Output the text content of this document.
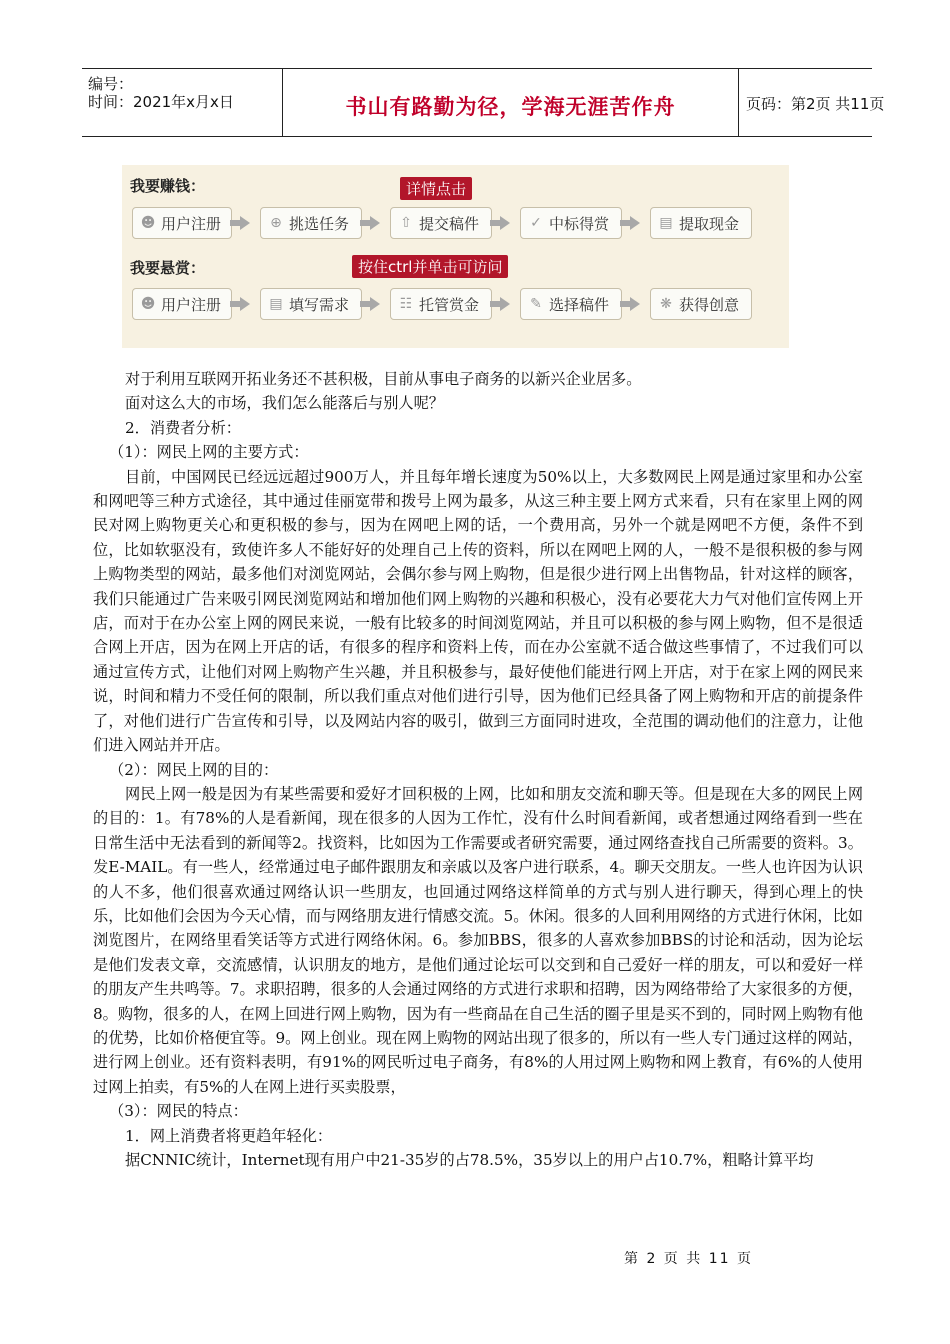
编号：
时间：2021年x月x日	书山有路勤为径，学海无涯苦作舟	页码：第2页 共11页
我要赚钱：	详情点击
☻ 用户注册	⊕ 挑选任务	⇧ 提交稿件	✓ 中标得赏	▤ 提取现金
我要悬赏：	按住ctrl并单击可访问
☻ 用户注册	▤ 填写需求	☷ 托管赏金	✎ 选择稿件	❋ 获得创意

对于利用互联网开拓业务还不甚积极，目前从事电子商务的以新兴企业居多。

面对这么大的市场，我们怎么能落后与别人呢？

2．消费者分析：

（1）：网民上网的主要方式：

目前，中国网民已经远远超过900万人，并且每年增长速度为50%以上，大多数网民上网是通过家里和办公室和网吧等三种方式途径，其中通过佳丽宽带和拨号上网为最多，从这三种主要上网方式来看，只有在家里上网的网民对网上购物更关心和更积极的参与，因为在网吧上网的话，一个费用高，另外一个就是网吧不方便，条件不到位，比如软驱没有，致使许多人不能好好的处理自己上传的资料，所以在网吧上网的人，一般不是很积极的参与网上购物类型的网站，最多他们对浏览网站，会偶尔参与网上购物，但是很少进行网上出售物品，针对这样的顾客，我们只能通过广告来吸引网民浏览网站和增加他们网上购物的兴趣和积极心，没有必要花大力气对他们宣传网上开店，而对于在办公室上网的网民来说，一般有比较多的时间浏览网站，并且可以积极的参与网上购物，但不是很适合网上开店，因为在网上开店的话，有很多的程序和资料上传，而在办公室就不适合做这些事情了，不过我们可以通过宣传方式，让他们对网上购物产生兴趣，并且积极参与，最好使他们能进行网上开店，对于在家上网的网民来说，时间和精力不受任何的限制，所以我们重点对他们进行引导，因为他们已经具备了网上购物和开店的前提条件了，对他们进行广告宣传和引导，以及网站内容的吸引，做到三方面同时进攻，全范围的调动他们的注意力，让他们进入网站并开店。

（2）：网民上网的目的：

网民上网一般是因为有某些需要和爱好才回积极的上网，比如和朋友交流和聊天等。但是现在大多的网民上网的目的：1。有78%的人是看新闻，现在很多的人因为工作忙，没有什么时间看新闻，或者想通过网络看到一些在日常生活中无法看到的新闻等2。找资料，比如因为工作需要或者研究需要，通过网络查找自己所需要的资料。3。发E-MAIL。有一些人，经常通过电子邮件跟朋友和亲戚以及客户进行联系，4。聊天交朋友。一些人也许因为认识的人不多，他们很喜欢通过网络认识一些朋友，也回通过网络这样简单的方式与别人进行聊天，得到心理上的快乐，比如他们会因为今天心情，而与网络朋友进行情感交流。5。休闲。很多的人回利用网络的方式进行休闲，比如浏览图片，在网络里看笑话等方式进行网络休闲。6。参加BBS，很多的人喜欢参加BBS的讨论和活动，因为论坛是他们发表文章，交流感情，认识朋友的地方，是他们通过论坛可以交到和自己爱好一样的朋友，可以和爱好一样的朋友产生共鸣等。7。求职招聘，很多的人会通过网络的方式进行求职和招聘，因为网络带给了大家很多的方便，8。购物，很多的人，在网上回进行网上购物，因为有一些商品在自己生活的圈子里是买不到的，同时网上购物有他的优势，比如价格便宜等。9。网上创业。现在网上购物的网站出现了很多的，所以有一些人专门通过这样的网站，进行网上创业。还有资料表明，有91%的网民听过电子商务，有8%的人用过网上购物和网上教育，有6%的人使用过网上拍卖，有5%的人在网上进行买卖股票，

（3）：网民的特点：

1．网上消费者将更趋年轻化：

据CNNIC统计，Internet现有用户中21-35岁的占78.5%，35岁以上的用户占10.7%，粗略计算平均

第 2 页 共 11 页
